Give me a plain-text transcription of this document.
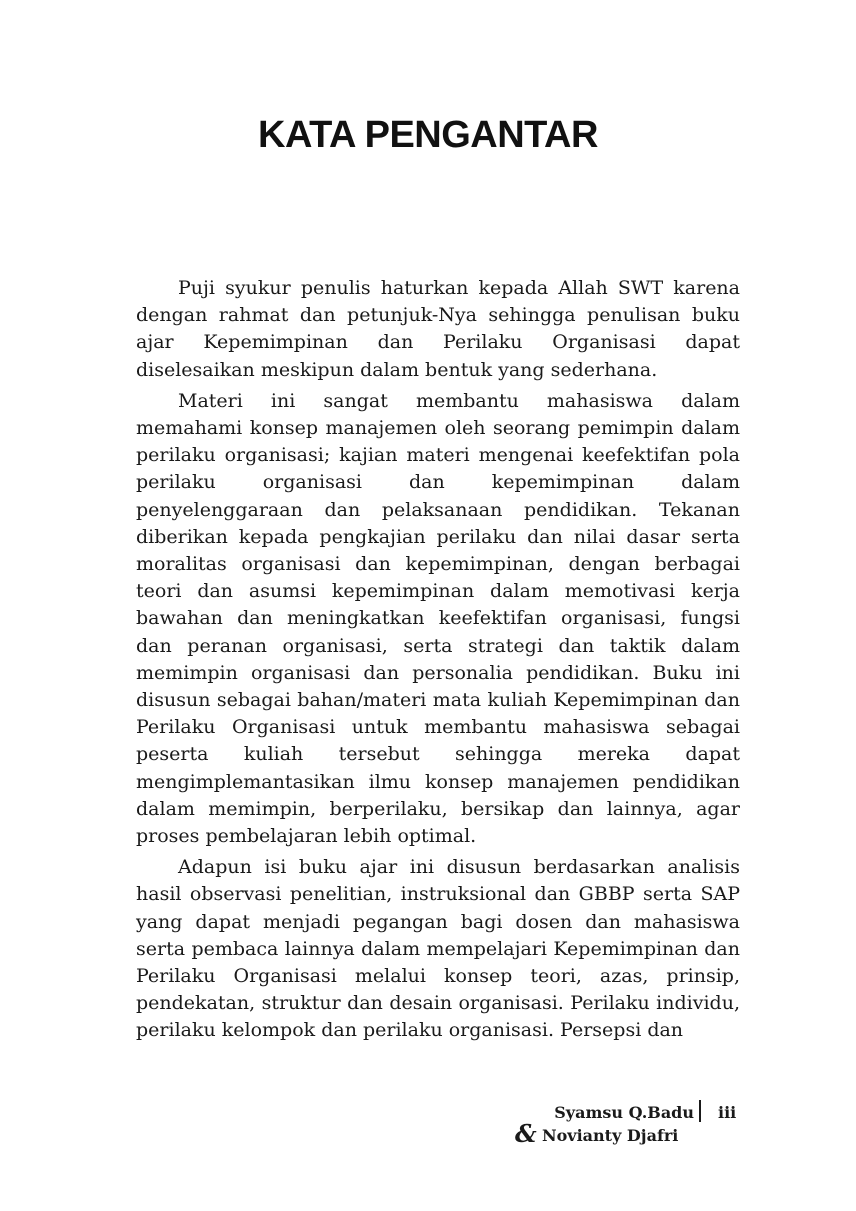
KATA PENGANTAR

Puji syukur penulis haturkan kepada Allah SWT karena dengan rahmat dan petunjuk-Nya sehingga penulisan buku ajar Kepemimpinan dan Perilaku Organisasi dapat diselesaikan meskipun dalam bentuk yang sederhana.

Materi ini sangat membantu mahasiswa dalam memahami konsep manajemen oleh seorang pemimpin dalam perilaku organisasi; kajian materi mengenai keefektifan pola perilaku organisasi dan kepemimpinan dalam penyelenggaraan dan pelaksanaan pendidikan. Tekanan diberikan kepada pengkajian perilaku dan nilai dasar serta moralitas organisasi dan kepemimpinan, dengan berbagai teori dan asumsi kepemimpinan dalam memotivasi kerja bawahan dan meningkatkan keefektifan organisasi, fungsi dan peranan organisasi, serta strategi dan taktik dalam memimpin organisasi dan personalia pendidikan. Buku ini disusun sebagai bahan/materi mata kuliah Kepemimpinan dan Perilaku Organisasi untuk membantu mahasiswa sebagai peserta kuliah tersebut sehingga mereka dapat mengimplemantasikan ilmu konsep manajemen pendidikan dalam memimpin, berperilaku, bersikap dan lainnya, agar proses pembelajaran lebih optimal.

Adapun isi buku ajar ini disusun berdasarkan analisis hasil observasi penelitian, instruksional dan GBBP serta SAP yang dapat menjadi pegangan bagi dosen dan mahasiswa serta pembaca lainnya dalam mempelajari Kepemimpinan dan Perilaku Organisasi melalui konsep teori, azas, prinsip, pendekatan, struktur dan desain organisasi. Perilaku individu, perilaku kelompok dan perilaku organisasi. Persepsi dan

Syamsu Q.Badu iii
& Novianty Djafri
